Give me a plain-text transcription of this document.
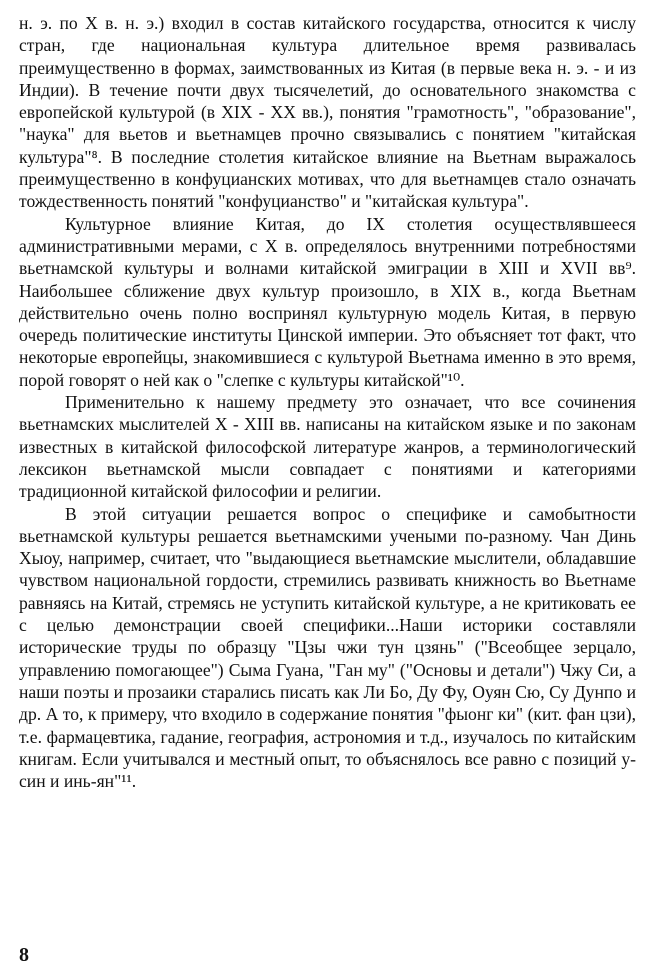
н. э. по X в. н. э.) входил в состав китайского государства, относится к числу стран, где национальная культура длительное время развивалась преимущественно в формах, заимствованных из Китая (в первые века н. э. - и из Индии). В течение почти двух тысячелетий, до основательного знакомства с европейской культурой (в XIX - XX вв.), понятия "грамотность", "образование", "наука" для вьетов и вьетнамцев прочно связывались с понятием "китайская культура"⁸. В последние столетия китайское влияние на Вьетнам выражалось преимущественно в конфуцианских мотивах, что для вьетнамцев стало означать тождественность понятий "конфуцианство" и "китайская культура".

Культурное влияние Китая, до IX столетия осуществлявшееся административными мерами, с X в. определялось внутренними потребностями вьетнамской культуры и волнами китайской эмиграции в XIII и XVII вв⁹. Наибольшее сближение двух культур произошло, в XIX в., когда Вьетнам действительно очень полно воспринял культурную модель Китая, в первую очередь политические институты Цинской империи. Это объясняет тот факт, что некоторые европейцы, знакомившиеся с культурой Вьетнама именно в это время, порой говорят о ней как о "слепке с культуры китайской"¹⁰.

Применительно к нашему предмету это означает, что все сочинения вьетнамских мыслителей X - XIII вв. написаны на китайском языке и по законам известных в китайской философской литературе жанров, а терминологический лексикон вьетнамской мысли совпадает с понятиями и категориями традиционной китайской философии и религии.

В этой ситуации решается вопрос о специфике и самобытности вьетнамской культуры решается вьетнамскими учеными по-разному. Чан Динь Хыоу, например, считает, что "выдающиеся вьетнамские мыслители, обладавшие чувством национальной гордости, стремились развивать книжность во Вьетнаме равняясь на Китай, стремясь не уступить китайской культуре, а не критиковать ее с целью демонстрации своей специфики...Наши историки составляли исторические труды по образцу "Цзы чжи тун цзянь" ("Всеобщее зерцало, управлению помогающее") Сыма Гуана, "Ган му" ("Основы и детали") Чжу Си, а наши поэты и прозаики старались писать как Ли Бо, Ду Фу, Оуян Сю, Су Дунпо и др. А то, к примеру, что входило в содержание понятия "фыонг ки" (кит. фан цзи), т.е. фармацевтика, гадание, география, астрономия и т.д., изучалось по китайским книгам. Если учитывался и местный опыт, то объяснялось все равно с позиций у-син и инь-ян"¹¹.

8
